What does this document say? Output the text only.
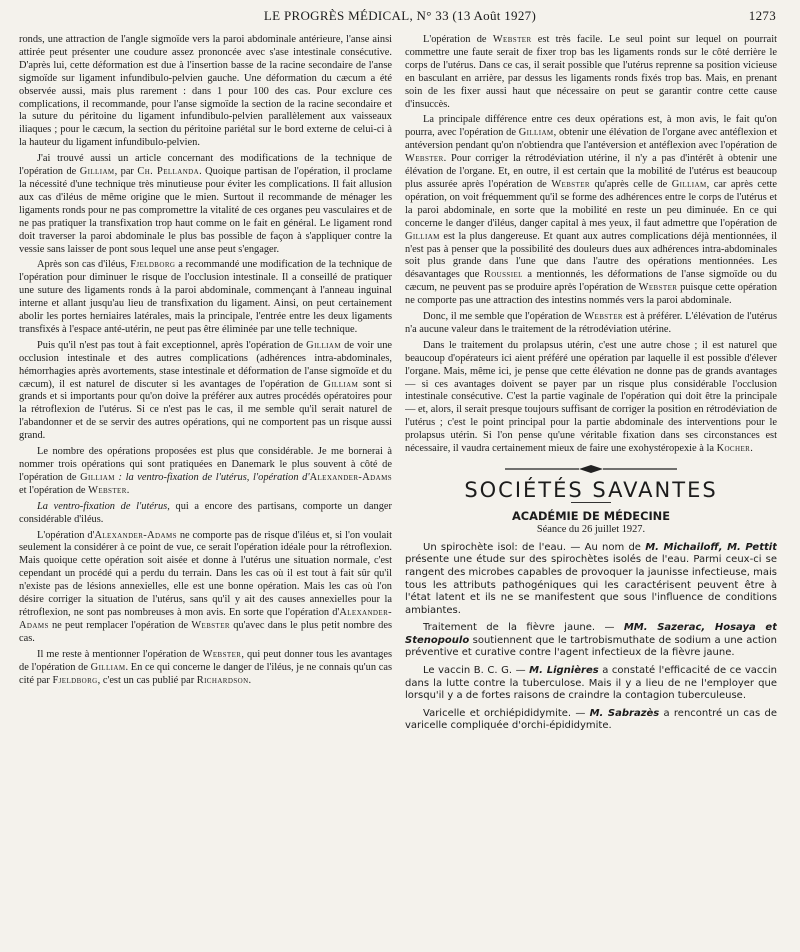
LE PROGRÈS MÉDICAL, N° 33 (13 Août 1927)	1273

ronds, une attraction de l'angle sigmoïde vers la paroi abdominale antérieure, l'anse ainsi attirée peut présenter une coudure assez prononcée avec s'ase intestinale consécutive. D'après lui, cette déformation est due à l'insertion basse de la racine secondaire de l'anse sigmoïde sur ligament infundibulo-pelvien gauche. Une déformation du cæcum a été observée aussi, mais plus rarement : dans 1 pour 100 des cas. Pour exclure ces complications, il recommande, pour l'anse sigmoïde la section de la racine secondaire et la suture du péritoine du ligament infundibulo-pelvien parallèlement aux vaisseaux iliaques ; pour le cæcum, la section du péritoine pariétal sur le bord externe de celui-ci à la hauteur du ligament infundibulo-pelvien.

J'ai trouvé aussi un article concernant des modifications de la technique de l'opération de Gilliam, par Ch. Pellanda. Quoique partisan de l'opération, il proclame la nécessité d'une technique très minutieuse pour éviter les complications. Il fait allusion aux cas d'iléus de même origine que le mien. Surtout il recommande de ménager les ligaments ronds pour ne pas compromettre la vitalité de ces organes peu vasculaires et de ne pas pratiquer la transfixation trop haut comme on le fait en général. Le ligament rond doit traverser la paroi abdominale le plus bas possible de façon à s'appliquer contre la vessie sans laisser de pont sous lequel une anse peut s'engager.

Après son cas d'iléus, Fjeldborg a recommandé une modification de la technique de l'opération pour diminuer le risque de l'occlusion intestinale. Il a conseillé de pratiquer une suture des ligaments ronds à la paroi abdominale, commençant à l'anneau inguinal interne et allant jusqu'au lieu de transfixation du ligament. Ainsi, on peut certainement abolir les portes herniaires latérales, mais la principale, l'entrée entre les deux ligaments transfixés à l'espace anté-utérin, ne peut pas être éliminée par une telle technique.

Puis qu'il n'est pas tout à fait exceptionnel, après l'opération de Gilliam de voir une occlusion intestinale et des autres complications (adhérences intra-abdominales, hémorrhagies après avortements, stase intestinale et déformation de l'anse sigmoïde et du cæcum), il est naturel de discuter si les avantages de l'opération de Gilliam sont si grands et si importants pour qu'on doive la préférer aux autres procédés opératoires pour la rétroflexion de l'utérus. Si ce n'est pas le cas, il me semble qu'il serait naturel de l'abandonner et de se servir des autres opérations, qui ne comportent pas un risque aussi grand.

Le nombre des opérations proposées est plus que considérable. Je me bornerai à nommer trois opérations qui sont pratiquées en Danemark le plus souvent à côté de l'opération de Gilliam : la ventro-fixation de l'utérus, l'opération d'Alexander-Adams et l'opération de Webster.

La ventro-fixation de l'utérus, qui a encore des partisans, comporte un danger considérable d'iléus.

L'opération d'Alexander-Adams ne comporte pas de risque d'iléus et, si l'on voulait seulement la considérer à ce point de vue, ce serait l'opération idéale pour la rétroflexion. Mais quoique cette opération soit aisée et donne à l'utérus une situation normale, c'est cependant un procédé qui a perdu du terrain. Dans les cas où il est tout à fait sûr qu'il n'existe pas de lésions annexielles, elle est une bonne opération. Mais les cas où l'on désire corriger la situation de l'utérus, sans qu'il y ait des causes annexielles pour la rétroflexion, ne sont pas nombreuses à mon avis. En sorte que l'opération d'Alexander-Adams ne peut remplacer l'opération de Webster qu'avec dans le plus petit nombre des cas.

Il me reste à mentionner l'opération de Webster, qui peut donner tous les avantages de l'opération de Gilliam. En ce qui concerne le danger de l'iléus, je ne connais qu'un cas cité par Fjeldborg, c'est un cas publié par Richardson.

L'opération de Webster est très facile. Le seul point sur lequel on pourrait commettre une faute serait de fixer trop bas les ligaments ronds sur le côté derrière le corps de l'utérus. Dans ce cas, il serait possible que l'utérus reprenne sa position vicieuse en basculant en arrière, par dessus les ligaments ronds fixés trop bas. Mais, en prenant soin de les fixer aussi haut que nécessaire on peut se garantir contre cette cause d'insuccès.

La principale différence entre ces deux opérations est, à mon avis, le fait qu'on pourra, avec l'opération de Gilliam, obtenir une élévation de l'organe avec antéflexion et antéversion pendant qu'on n'obtiendra que l'antéversion et antéflexion avec l'opération de Webster. Pour corriger la rétrodéviation utérine, il n'y a pas d'intérêt à obtenir une élévation de l'organe. Et, en outre, il est certain que la mobilité de l'utérus est beaucoup plus assurée après l'opération de Webster qu'après celle de Gilliam, car après cette opération, on voit fréquemment qu'il se forme des adhérences entre le corps de l'utérus et la paroi abdominale, en sorte que la mobilité en reste un peu diminuée. En ce qui concerne le danger d'iléus, danger capital à mes yeux, il faut admettre que l'opération de Gilliam est la plus dangereuse. Et quant aux autres complications déjà mentionnées, il n'est pas à penser que la possibilité des douleurs dues aux adhérences intra-abdominales soit plus grande dans l'une que dans l'autre des opérations mentionnées. Les désavantages que Roussiel a mentionnés, les déformations de l'anse sigmoïde ou du cæcum, ne peuvent pas se produire après l'opération de Webster puisque cette opération ne comporte pas une attraction des intestins nommés vers la paroi abdominale.

Donc, il me semble que l'opération de Webster est à préférer. L'élévation de l'utérus n'a aucune valeur dans le traitement de la rétrodéviation utérine.

Dans le traitement du prolapsus utérin, c'est une autre chose ; il est naturel que beaucoup d'opérateurs ici aient préféré une opération par laquelle il est possible d'élever l'organe. Mais, même ici, je pense que cette élévation ne donne pas de grands avantages — si ces avantages doivent se payer par un risque plus considérable l'occlusion intestinale consécutive. C'est la partie vaginale de l'opération qui doit être la principale — et, alors, il serait presque toujours suffisant de corriger la position en rétrodéviation de l'utérus ; c'est le point principal pour la partie abdominale des interventions pour le prolapsus utérin. Si l'on pense qu'une véritable fixation dans ses circonstances est nécessaire, il vaudra certainement mieux de faire une exohystéropexie à la Kocher.

SOCIÉTÉS SAVANTES
ACADÉMIE DE MÉDECINE
Séance du 26 juillet 1927.

Un spirochète isol: de l'eau. — Au nom de M. Michailoff, M. Pettit présente une étude sur des spirochètes isolés de l'eau. Parmi ceux-ci se rangent des microbes capables de provoquer la jaunisse infectieuse, mais tous les attributs pathogéniques qui les caractérisent peuvent être à l'état latent et ils ne se manifestent que sous l'influence de conditions ambiantes.

Traitement de la fièvre jaune. — MM. Sazerac, Hosaya et Stenopoulo soutiennent que le tartrobismuthate de sodium a une action préventive et curative contre l'agent infectieux de la fièvre jaune.

Le vaccin B. C. G. — M. Lignières a constaté l'efficacité de ce vaccin dans la lutte contre la tuberculose. Mais il y a lieu de ne l'employer que lorsqu'il y a de fortes raisons de craindre la contagion tuberculeuse.

Varicelle et orchiépididymite. — M. Sabrazès a rencontré un cas de varicelle compliquée d'orchi-épididymite.
